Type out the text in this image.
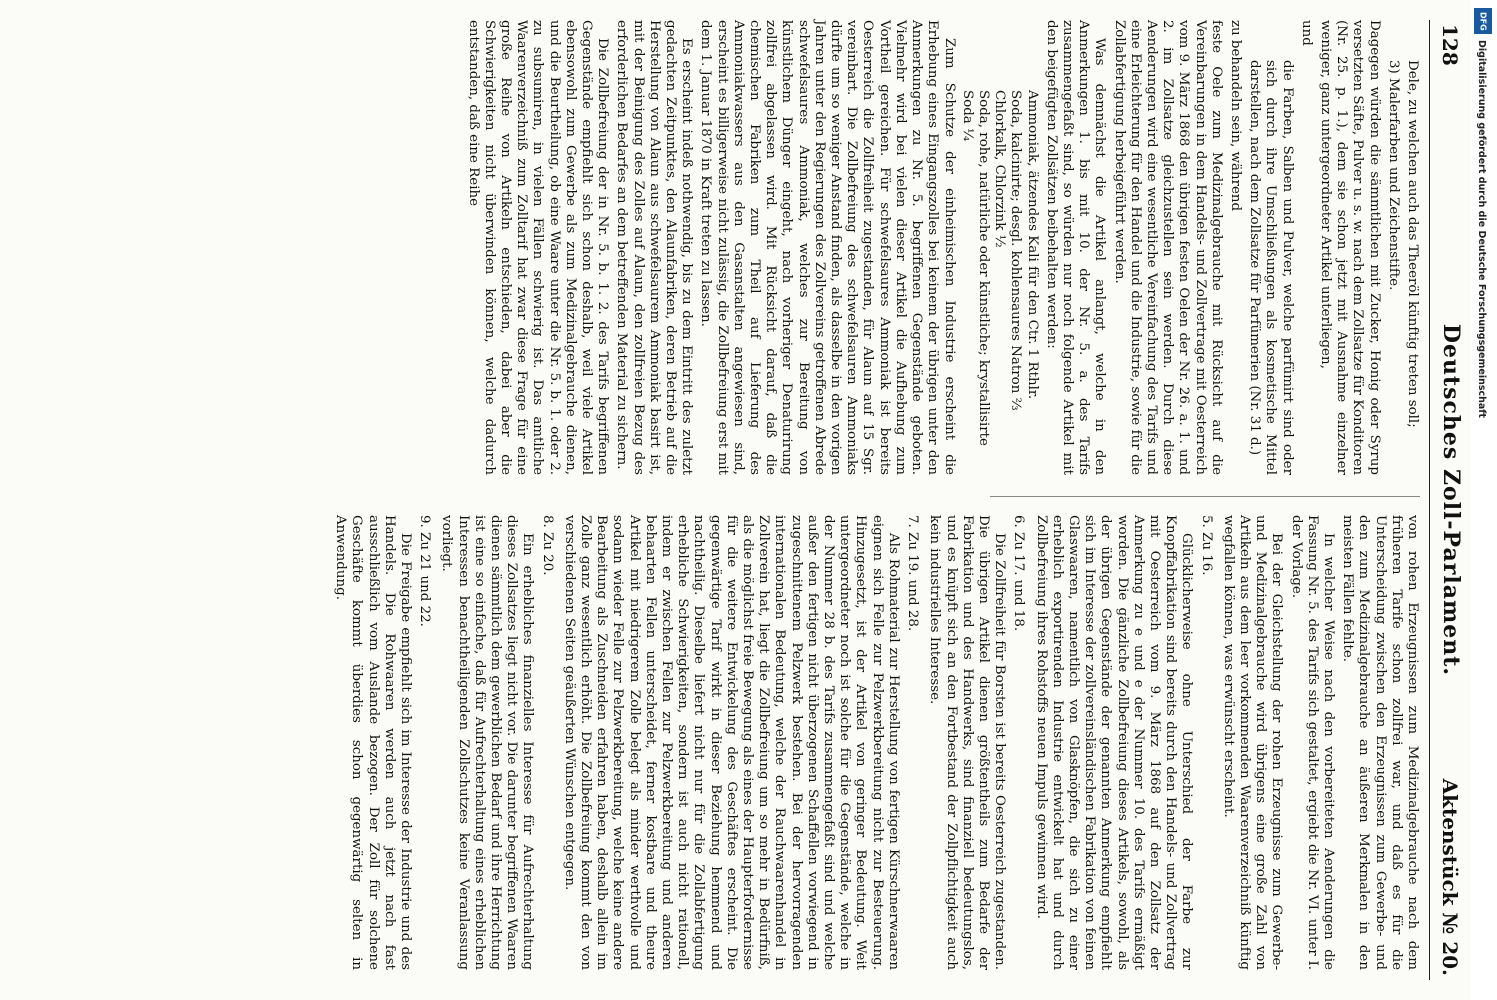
128
Deutsches Zoll-Parlament.
Aktenstück № 20.
Dele, zu welchen auch das Theeröl künftig treten soll;
3) Malerfarben und Zeichenstifte.
Dagegen würden die sämmtlichen mit Zucker, Honig oder Syrup versetzten Säfte, Pulver u. s. w. nach dem Zollsatze für Konditoren (Nr. 25. p. 1.), dem sie schon jetzt mit Ausnahme einzelner weniger, ganz untergeordneter Artikel unterliegen,
und
die Farben, Salben und Pulver, welche parfümirt sind oder sich durch ihre Umschließungen als kosmetische Mittel darstellen, nach dem Zollsatze für Parfümerien (Nr. 31 d.)
zu behandeln sein, während
feste Oele zum Medizinalgebrauche mit Rücksicht auf die Vereinbarungen in dem Handels- und Zollvertrage mit Oesterreich vom 9. März 1868 den übrigen festen Oelen der Nr. 26. a. 1. und 2. im Zollsatze gleichzustellen sein werden. Durch diese Aenderungen wird eine wesentliche Vereinfachung des Tarifs und eine Erleichterung für den Handel und die Industrie, sowie für die Zollabfertigung herbeigeführt werden.
Was demnächst die Artikel anlangt, welche in den Anmerkungen 1. bis mit 10. der Nr. 5. a. des Tarifs zusammengefaßt sind, so würden nur noch folgende Artikel mit den beigefügten Zollsätzen beibehalten werden:
Ammoniak, ätzendes Kali für den Ctr. 1 Rthlr.
Soda, kalcinirte; desgl. kohlensaures Natron ⅔
Chlorkalk, Chlorzink ½
Soda, rohe, natürliche oder künstliche; krystallisirte
Soda ¼
Zum Schutze der einheimischen Industrie erscheint die Erhebung eines Eingangszolles bei keinem der übrigen unter den Anmerkungen zu Nr. 5. begriffenen Gegenstände geboten. Vielmehr wird bei vielen dieser Artikel die Aufhebung zum Vortheil gereichen. Für schwefelsaures Ammoniak ist bereits Oesterreich die Zollfreiheit zugestanden, für Alaun auf 15 Sgr. vereinbart. Die Zollbefreiung des schwefelsauren Ammoniaks dürfte um so weniger Anstand finden, als dasselbe in den vorigen Jahren unter den Regierungen des Zollvereins getroffenen Abrede schwefelsaures Ammoniak, welches zur Bereitung von künstlichem Dünger eingeht, nach vorheriger Denaturirung zollfrei abgelassen wird. Mit Rücksicht darauf, daß die chemischen Fabriken zum Theil auf Lieferung des Ammoniakwassers aus den Gasanstalten angewiesen sind, erscheint es billigerweise nicht zulässig, die Zollbefreiung erst mit dem 1. Januar 1870 in Kraft treten zu lassen.
Es erscheint indeß nothwendig, bis zu dem Eintritt des zuletzt gedachten Zeitpunktes, den Alaunfabriken, deren Betrieb auf die Herstellung von Alaun aus schwefelsaurem Ammoniak basirt ist, mit der Beinigung des Zolles auf Alaun, den zollfreien Bezug des erforderlichen Bedarfes an dem betreffenden Material zu sichern.
Die Zollbefreiung der in Nr. 5. b. 1. 2. des Tarifs begriffenen Gegenstände empfiehlt sich schon deshalb, weil viele Artikel ebensowohl zum Gewerbe als zum Medizinalgebrauche dienen, und die Beurtheilung, ob eine Waare unter die Nr. 5. b. 1. oder 2. zu subsumiren, in vielen Fällen schwierig ist. Das amtliche Waarenverzeichniß zum Zolltarif hat zwar diese Frage für eine große Reihe von Artikeln entschieden, dabei aber die Schwierigkeiten nicht überwinden können, welche dadurch entstanden, daß eine Reihe
von rohen Erzeugnissen zum Medizinalgebrauche nach dem früheren Tarife schon zollfrei war, und daß es für die Unterscheidung zwischen den Erzeugnissen zum Gewerbe- und den zum Medizinalgebrauche an äußeren Merkmalen in den meisten Fällen fehlte.
In welcher Weise nach den vorbereiteten Aenderungen die Fassung Nr. 5. des Tarifs sich gestaltet, ergiebt die Nr. VI. unter I. der Vorlage.
Bei der Gleichstellung der rohen Erzeugnisse zum Gewerbe- und Medizinalgebrauche wird übrigens eine große Zahl von Artikeln aus dem leer vorkommenden Waarenverzeichniß künftig wegfallen können, was erwünscht erscheint.
5. Zu 16.
Glücklicherweise ohne Unterschied der Farbe zur Knopffabrikation sind bereits durch den Handels- und Zollvertrag mit Oesterreich vom 9. März 1868 auf den Zollsatz der Anmerkung zu e und e der Nummer 10. des Tarifs ermäßigt worden. Die gänzliche Zollbefreiung dieses Artikels, sowohl, als der übrigen Gegenstände der genannten Anmerkung empfiehlt sich im Interesse der zollvereinsländischen Fabrikation von feinen Glaswaaren, namentlich von Glasknöpfen, die sich zu einer erheblich exportirenden Industrie entwickelt hat und durch Zollbefreiung ihres Rohstoffs neuen Impuls gewinnen wird.
6. Zu 17. und 18.
Die Zollfreiheit für Borsten ist bereits Oesterreich zugestanden. Die übrigen Artikel dienen größtentheils zum Bedarfe der Fabrikation und des Handwerks, sind finanziell bedeutungslos, und es knüpft sich an den Fortbestand der Zollpflichtigkeit auch kein industrielles Interesse.
7. Zu 19. und 28.
Als Rohmaterial zur Herstellung von fertigen Kürschnerwaaren eignen sich Felle zur Pelzwerkbereitung nicht zur Besteuerung. Hinzugesetzt, ist der Artikel von geringer Bedeutung. Weit untergeordneter noch ist solche für die Gegenstände, welche in der Nummer 28 b. des Tarifs zusammengefaßt sind und welche außer den fertigen nicht überzogenen Schaffellen vorwiegend in zugeschnittenem Pelzwerk bestehen. Bei der hervorragenden internationalen Bedeutung, welche der Rauchwaarenhandel in Zollverein hat, liegt die Zollbefreiung um so mehr in Bedürfniß, als die möglichst freie Bewegung als eines der Haupterfordernisse für die weitere Entwickelung des Geschäftes erscheint. Die gegenwärtige Tarif wirkt in dieser Beziehung hemmend und nachtheilig. Dieselbe liefert nicht nur für die Zollabfertigung erhebliche Schwierigkeiten, sondern ist auch nicht rationell, indem er zwischen Fellen zur Pelzwerkbereitung und anderen behaarten Fellen unterscheidet, ferner kostbare und theure Artikel mit niedrigerem Zolle belegt als minder werthvolle und sodann wieder Felle zur Pelzwerkbereitung, welche keine andere Bearbeitung als Zuschneiden erfahren haben, deshalb allein im Zolle ganz wesentlich erhöht. Die Zollbefreiung kommt den von verschiedenen Seiten geäußerten Wünschen entgegen.
8. Zu 20.
Ein erhebliches finanzielles Interesse für Aufrechterhaltung dieses Zollsatzes liegt nicht vor. Die darunter begriffenen Waaren dienen sämmtlich dem gewerblichen Bedarf und ihre Herrichtung ist eine so einfache, daß für Aufrechterhaltung eines erheblichen Interessen benachtheiligenden Zollschutzes keine Veranlassung vorliegt.
9. Zu 21 und 22.
Die Freigabe empfiehlt sich im Interesse der Industrie und des Handels. Die Rohwaaren werden auch jetzt nach fast ausschließlich vom Auslande bezogen. Der Zoll für solchene Geschäfte kommt überdies schon gegenwärtig selten in Anwendung.
DFG
Digitalisierung gefördert durch die Deutsche Forschungsgemeinschaft
